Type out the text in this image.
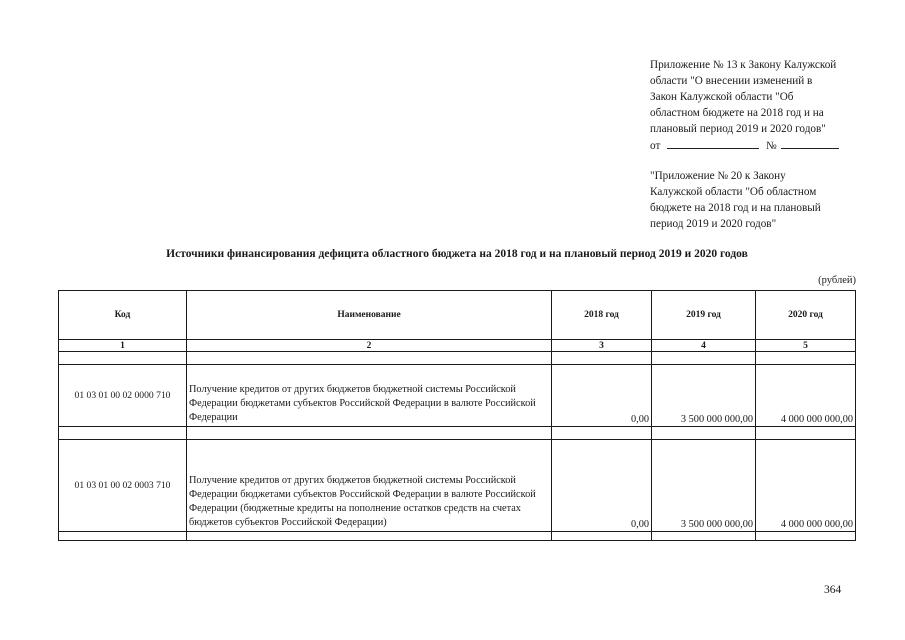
Приложение № 13 к Закону Калужской
области "О внесении изменений в
Закон Калужской области "Об
областном бюджете на 2018 год и на
плановый период 2019 и 2020 годов"
от	№
"Приложение № 20 к Закону
Калужской области "Об областном
бюджете на 2018 год и на плановый
период 2019 и 2020 годов"
Источники финансирования дефицита областного бюджета на 2018 год и на плановый период 2019 и 2020 годов
(рублей)
Код	Наименование	2018 год	2019 год	2020 год
1	2	3	4	5

01 03 01 00 02 0000 710	Получение кредитов от других бюджетов бюджетной системы Российской Федерации бюджетами субъектов Российской Федерации в валюте Российской Федерации	0,00	3 500 000 000,00	4 000 000 000,00

01 03 01 00 02 0003 710	Получение кредитов от других бюджетов бюджетной системы Российской Федерации бюджетами субъектов Российской Федерации в валюте Российской Федерации (бюджетные кредиты на пополнение остатков средств на счетах бюджетов субъектов Российской Федерации)	0,00	3 500 000 000,00	4 000 000 000,00

364
